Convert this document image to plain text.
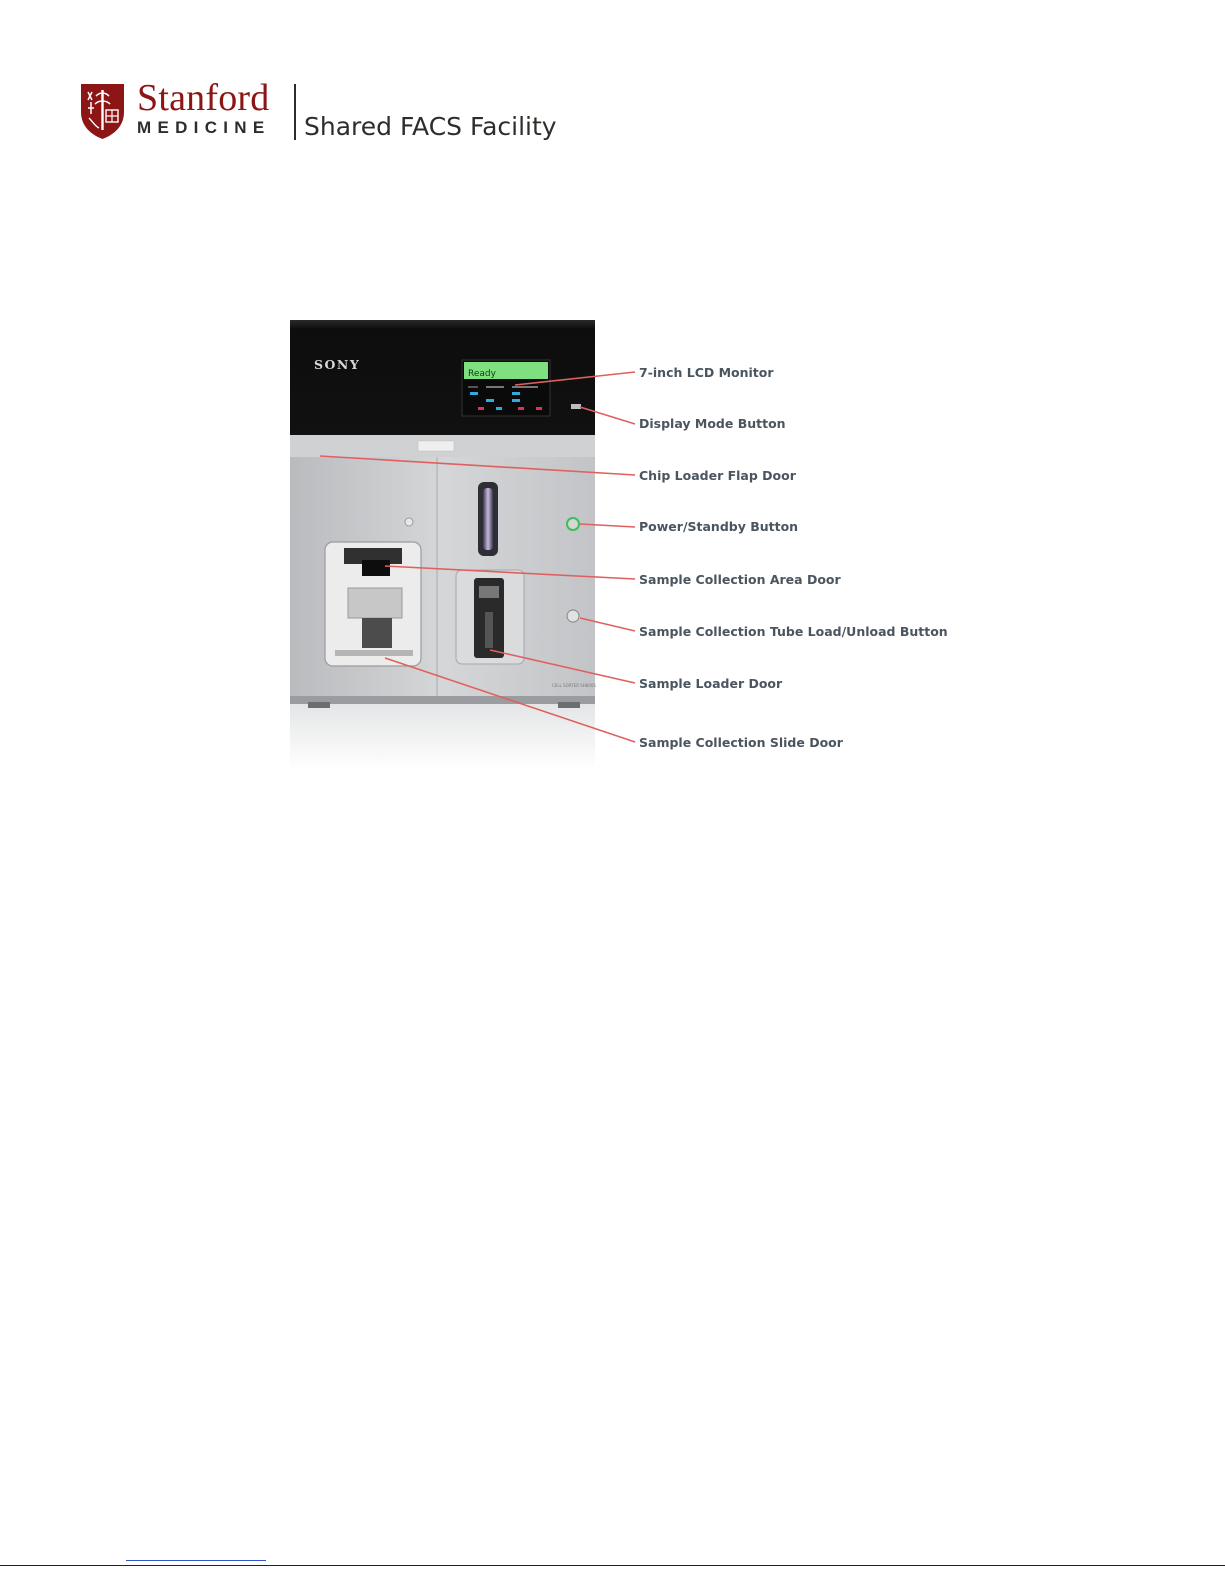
Stanford
MEDICINE Shared FACS Facility
CELL SORTER SH800S
SONY
Ready	7-inch LCD Monitor
Display Mode Button
Chip Loader Flap Door
Power/Standby Button
Sample Collection Area Door
Sample Collection Tube Load/Unload Button
Sample Loader Door
Sample Collection Slide Door
